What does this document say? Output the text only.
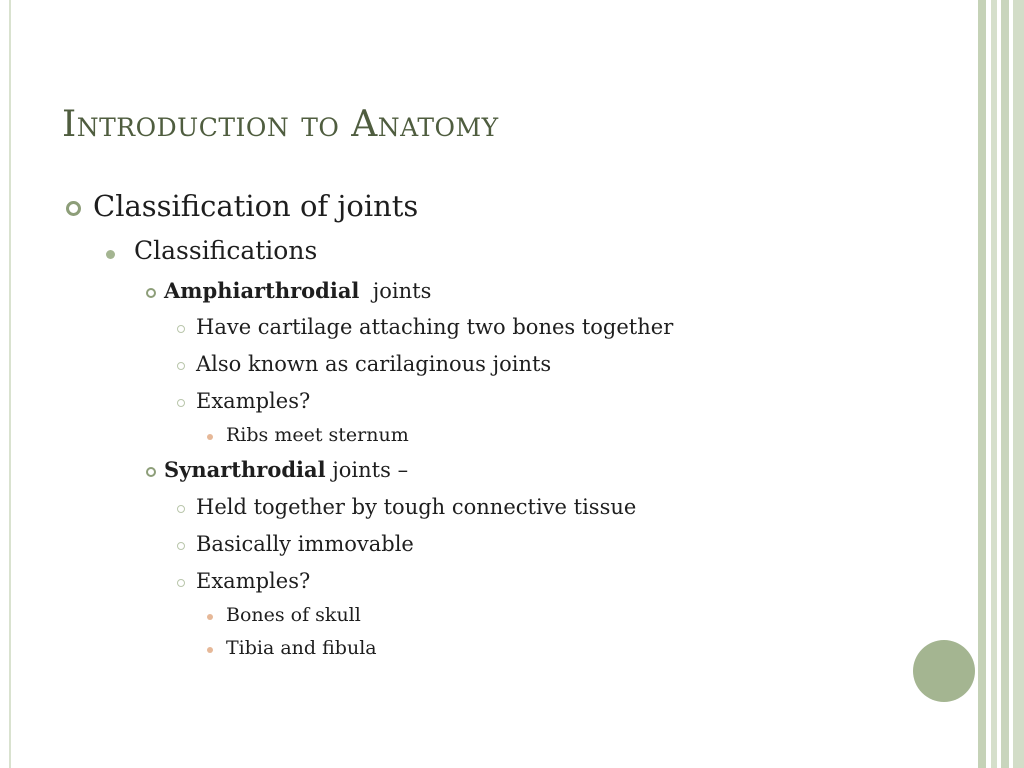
Introduction to Anatomy
Classification of joints
Classifications
Amphiarthrodial joints
Have cartilage attaching two bones together
Also known as carilaginous joints
Examples?
Ribs meet sternum
Synarthrodial joints –
Held together by tough connective tissue
Basically immovable
Examples?
Bones of skull
Tibia and fibula
